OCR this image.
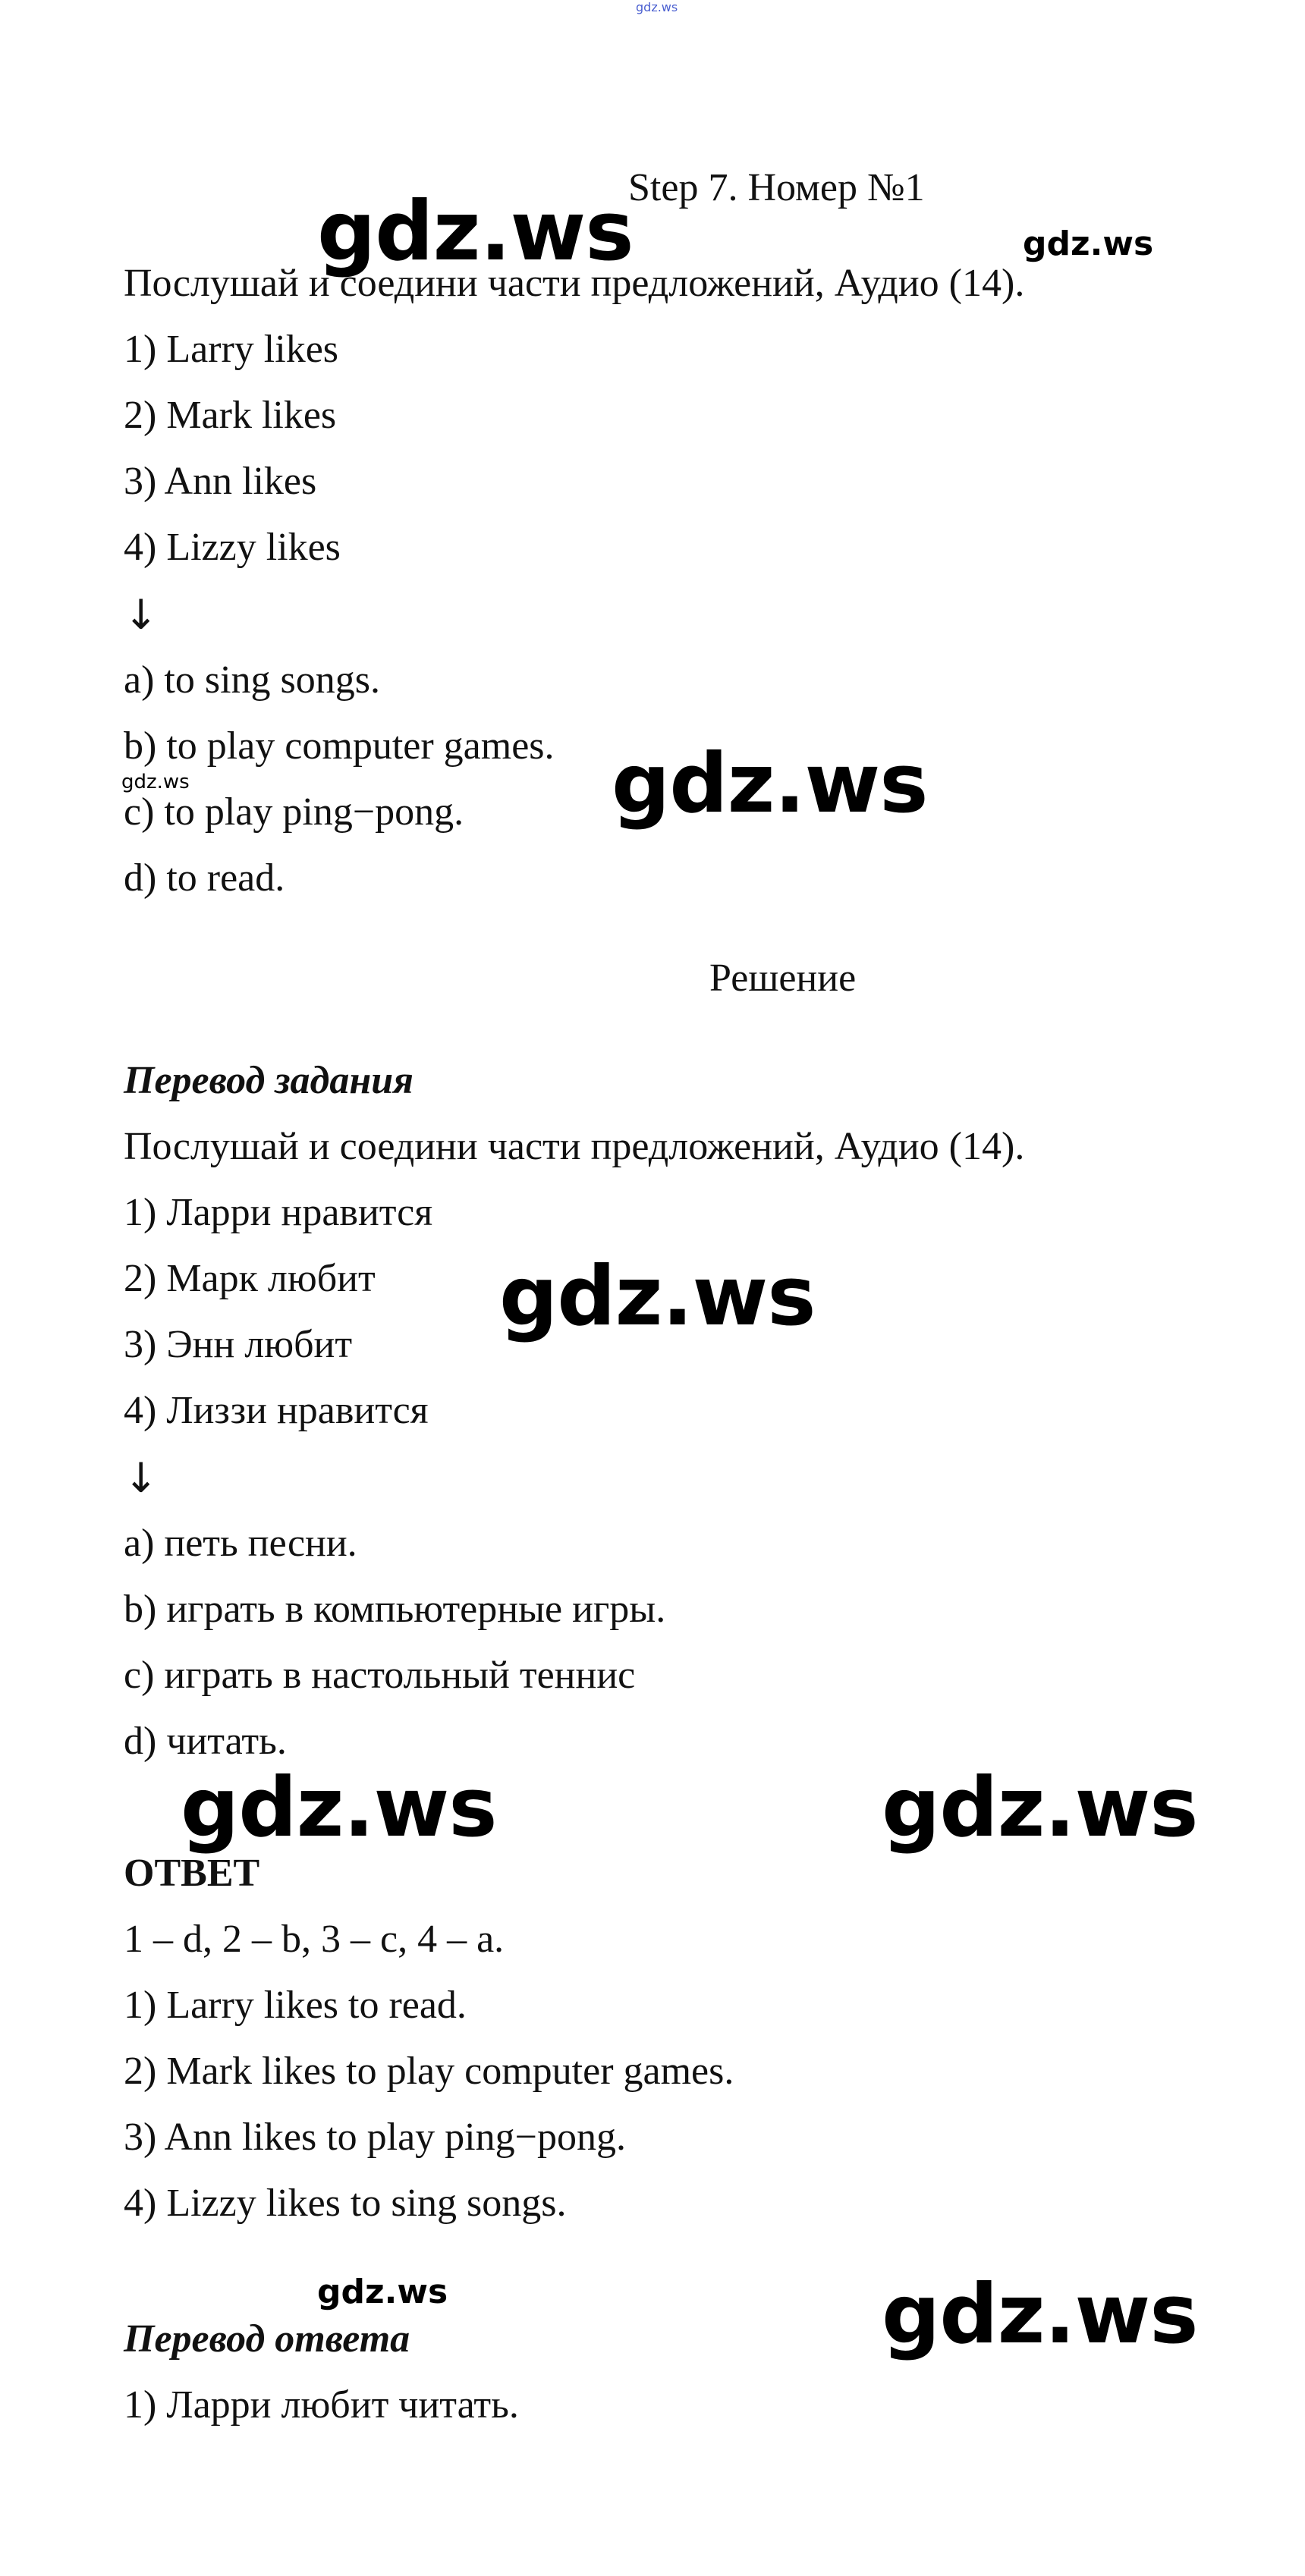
gdz.ws
gdz.ws	gdz.ws
gdz.ws
gdz.ws
gdz.ws
gdz.ws	gdz.ws
gdz.ws	gdz.ws
Step 7. Номер №1
Послушай и соедини части предложений, Аудио (14).
1) Larry likes
2) Mark likes
3) Ann likes
4) Lizzy likes
↓
a) to sing songs.
b) to play computer games.
c) to play ping−pong.
d) to read.
Решение
Перевод задания
Послушай и соедини части предложений, Аудио (14).
1) Ларри нравится
2) Марк любит
3) Энн любит
4) Лиззи нравится
↓
а) петь песни.
b) играть в компьютерные игры.
с) играть в настольный теннис
d) читать.
ОТВЕТ
1 – d, 2 – b, 3 – c, 4 – a.
1) Larry likes to read.
2) Mark likes to play computer games.
3) Ann likes to play ping−pong.
4) Lizzy likes to sing songs.
Перевод ответа
1) Ларри любит читать.
